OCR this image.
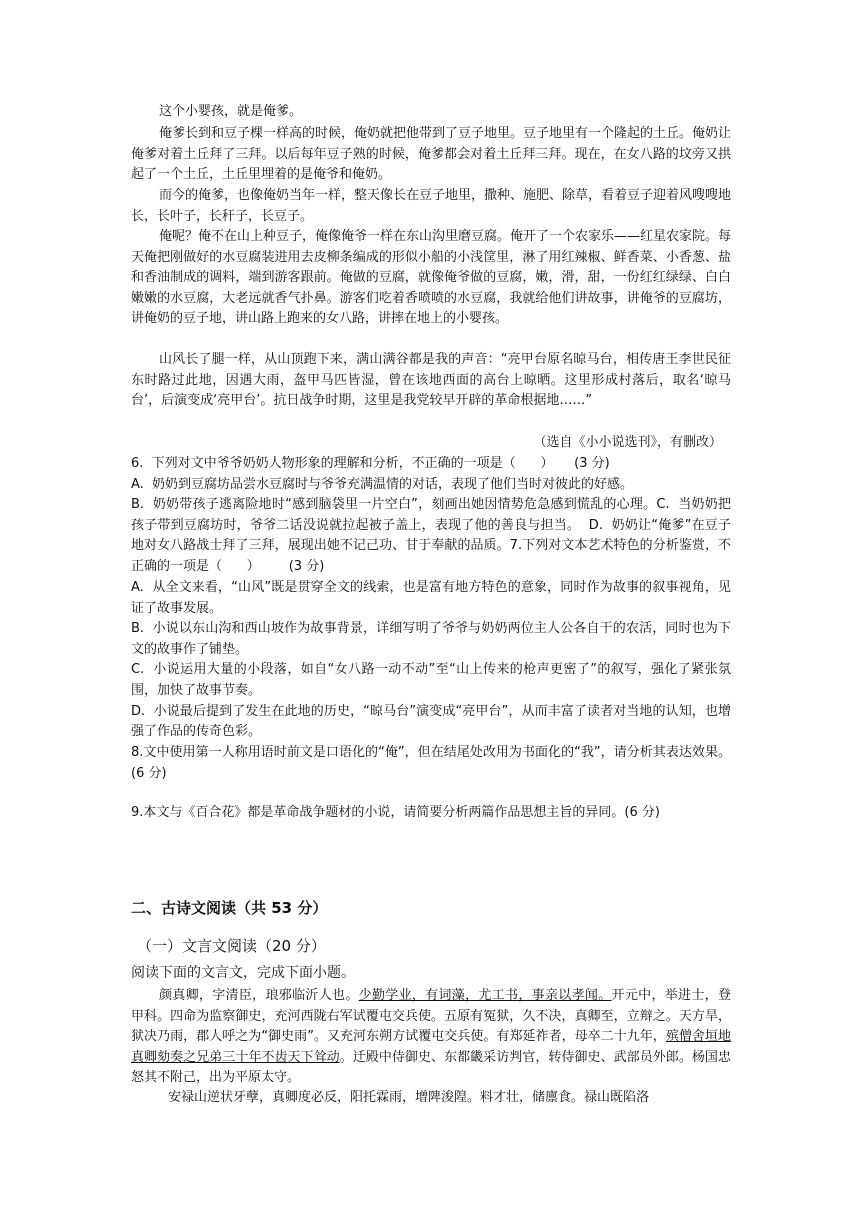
这个小婴孩，就是俺爹。

俺爹长到和豆子棵一样高的时候，俺奶就把他带到了豆子地里。豆子地里有一个隆起的土丘。俺奶让俺爹对着土丘拜了三拜。以后每年豆子熟的时候，俺爹都会对着土丘拜三拜。现在，在女八路的坟旁又拱起了一个土丘，土丘里埋着的是俺爷和俺奶。

而今的俺爹，也像俺奶当年一样，整天像长在豆子地里，撒种、施肥、除草，看着豆子迎着风嗖嗖地长，长叶子，长秆子，长豆子。

俺呢？俺不在山上种豆子，俺像俺爷一样在东山沟里磨豆腐。俺开了一个农家乐——红星农家院。每天俺把刚做好的水豆腐装进用去皮柳条编成的形似小船的小浅筐里，淋了用红辣椒、鲜香菜、小香葱、盐和香油制成的调料，端到游客跟前。俺做的豆腐，就像俺爷做的豆腐，嫩，滑，甜，一份红红绿绿、白白嫩嫩的水豆腐，大老远就香气扑鼻。游客们吃着香喷喷的水豆腐，我就给他们讲故事，讲俺爷的豆腐坊，讲俺奶的豆子地，讲山路上跑来的女八路，讲摔在地上的小婴孩。

山风长了腿一样，从山顶跑下来，满山满谷都是我的声音：“亮甲台原名晾马台，相传唐王李世民征东时路过此地，因遇大雨，盔甲马匹皆湿，曾在该地西面的高台上晾晒。这里形成村落后，取名‘晾马台’，后演变成‘亮甲台’。抗日战争时期，这里是我党较早开辟的革命根据地……”

（选自《小小说选刊》，有删改）

6.  下列对文中爷爷奶奶人物形象的理解和分析，不正确的一项是（      ）     (3 分)
A.  奶奶到豆腐坊品尝水豆腐时与爷爷充满温情的对话，表现了他们当时对彼此的好感。
B.  奶奶带孩子逃离险地时“感到脑袋里一片空白”，刻画出她因情势危急感到慌乱的心理。C.  当奶奶把孩子带到豆腐坊时，爷爷二话没说就拉起被子盖上，表现了他的善良与担当。  D.  奶奶让“俺爹”在豆子地对女八路战士拜了三拜，展现出她不记己功、甘于奉献的品质。7.下列对文本艺术特色的分析鉴赏，不正确的一项是（      ）       (3 分)

A.  从全文来看，“山风”既是贯穿全文的线索，也是富有地方特色的意象，同时作为故事的叙事视角，见证了故事发展。
B.  小说以东山沟和西山坡作为故事背景，详细写明了爷爷与奶奶两位主人公各自干的农活，同时也为下文的故事作了铺垫。
C.  小说运用大量的小段落，如自“女八路一动不动”至“山上传来的枪声更密了”的叙写，强化了紧张氛围，加快了故事节奏。
D.  小说最后提到了发生在此地的历史，“晾马台”演变成“亮甲台”，从而丰富了读者对当地的认知，也增强了作品的传奇色彩。

8.文中使用第一人称用语时前文是口语化的“俺”，但在结尾处改用为书面化的“我”，请分析其表达效果。(6 分)

9.本文与《百合花》都是革命战争题材的小说，请简要分析两篇作品思想主旨的异同。(6 分)

二、古诗文阅读（共 53 分）
（一）文言文阅读（20 分）
阅读下面的文言文，完成下面小题。

颜真卿，字清臣，琅邪临沂人也。少勤学业，有词藻，尤工书，事亲以孝闻。开元中，举进士，登甲科。四命为监察御史，充河西陇右军试覆屯交兵使。五原有冤狱，久不决，真卿至，立辩之。天方旱，狱决乃雨，郡人呼之为“御史雨”。又充河东朔方试覆屯交兵使。有郑延祚者，母卒二十九年，殡僧舍垣地真卿劾奏之兄弟三十年不齿天下耸动。迁殿中侍御史、东都畿采访判官，转侍御史、武部员外郎。杨国忠怒其不附己，出为平原太守。

安禄山逆状牙孽，真卿度必反，阳托霖雨，增陴浚隍。料才壮，储廪食。禄山既陷洛
